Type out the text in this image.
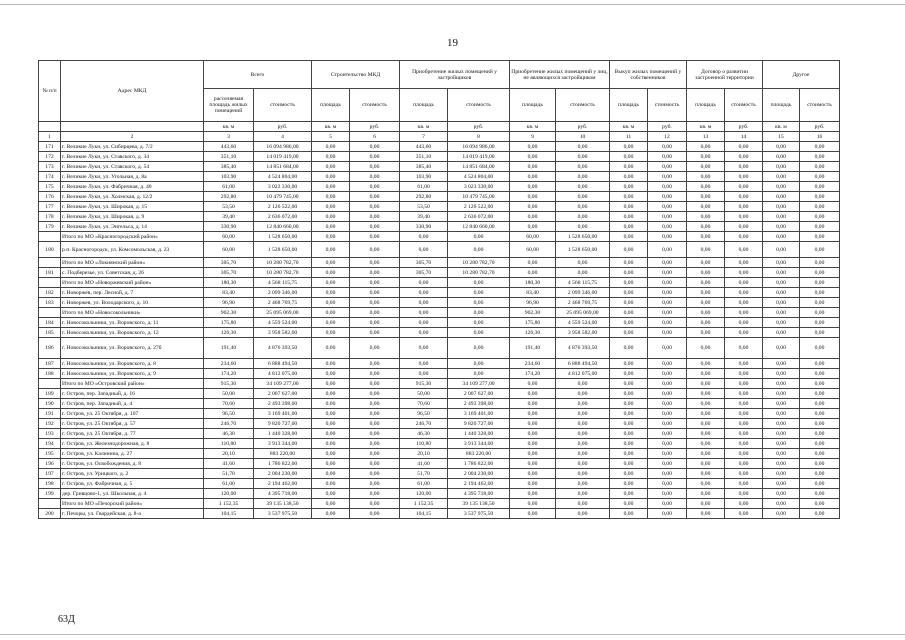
19
№ п/п	Адрес МКД	Всего		Строительство МКД		Приобретение жилых помещений у застройщиков		Приобретение жилых помещений у лиц, не являющихся застройщиком		Выкуп жилых помещений у собственников		Договор о развитии застроенной территории		Другое	
		расселяемая площадь жилых помещений	стоимость	площадь	стоимость	площадь	стоимость	площадь	стоимость	площадь	стоимость	площадь	стоимость	площадь	стоимость
		кв. м	руб.	кв. м	руб.	кв. м	руб.	кв. м	руб.	кв. м	руб.	кв. м	руб.	кв. м	руб.
1	2	3	4	5	6	7	8	9	10	11	12	13	14	15	16
171	г. Великие Луки, ул. Сибирцева, д. 7/2	443,60	16 094 986,00	0,00	0,00	443,60	16 094 986,00	0,00	0,00	0,00	0,00	0,00	0,00	0,00	0,00
172	г. Великие Луки, ул. Ставского, д. 34	351,10	14 019 419,00	0,00	0,00	351,10	14 019 419,00	0,00	0,00	0,00	0,00	0,00	0,00	0,00	0,00
173	г. Великие Луки, ул. Ставского, д. 54	385,40	14 851 684,00	0,00	0,00	385,40	14 851 684,00	0,00	0,00	0,00	0,00	0,00	0,00	0,00	0,00
174	г. Великие Луки, ул. Угольная, д. 8а	103,90	4 524 804,00	0,00	0,00	103,90	4 524 804,00	0,00	0,00	0,00	0,00	0,00	0,00	0,00	0,00
175	г. Великие Луки, ул. Фабричная, д. 40	61,00	3 023 330,00	0,00	0,00	61,00	3 023 330,00	0,00	0,00	0,00	0,00	0,00	0,00	0,00	0,00
176	г. Великие Луки, ул. Холмская, д. 12/2	292,80	10 479 745,00	0,00	0,00	292,80	10 479 745,00	0,00	0,00	0,00	0,00	0,00	0,00	0,00	0,00
177	г. Великие Луки, ул. Широкая, д. 15	53,50	2 126 522,00	0,00	0,00	53,50	2 126 522,00	0,00	0,00	0,00	0,00	0,00	0,00	0,00	0,00
178	г. Великие Луки, ул. Широкая, д. 9	39,40	2 636 072,00	0,00	0,00	39,40	2 636 072,00	0,00	0,00	0,00	0,00	0,00	0,00	0,00	0,00
179	г. Великие Луки, ул. Энгельса, д. 14	330,90	12 840 660,00	0,00	0,00	330,90	12 840 660,00	0,00	0,00	0,00	0,00	0,00	0,00	0,00	0,00
	Итого по МО «Красногородский район»	60,00	1 528 650,00	0,00	0,00	0,00	0,00	60,00	1 528 650,00	0,00	0,00	0,00	0,00	0,00	0,00
180	р.п. Красногородск, ул. Комсомольская, д. 23	60,00	1 528 650,00	0,00	0,00	0,00	0,00	60,00	1 528 650,00	0,00	0,00	0,00	0,00	0,00	0,00
	Итого по МО «Локнянский район»	305,70	10 280 782,70	0,00	0,00	305,70	10 280 782,70	0,00	0,00	0,00	0,00	0,00	0,00	0,00	0,00
181	с. Подберезье, ул. Советская, д. 26	305,70	10 280 782,70	0,00	0,00	305,70	10 280 782,70	0,00	0,00	0,00	0,00	0,00	0,00	0,00	0,00
	Итого по МО «Новоржевский район»	180,30	4 568 115,75	0,00	0,00	0,00	0,00	180,30	4 568 115,75	0,00	0,00	0,00	0,00	0,00	0,00
182	г. Новоржев, пер. Лесной, д. 7	83,40	2 099 346,00	0,00	0,00	0,00	0,00	83,40	2 099 346,00	0,00	0,00	0,00	0,00	0,00	0,00
183	г. Новоржев, ул. Володарского, д. 10	96,90	2 468 769,75	0,00	0,00	0,00	0,00	96,90	2 468 769,75	0,00	0,00	0,00	0,00	0,00	0,00
	Итого по МО «Новосокольники»	902,30	25 095 069,00	0,00	0,00	0,00	0,00	902,30	25 095 069,00	0,00	0,00	0,00	0,00	0,00	0,00
184	г. Новосокольники, ул. Воровского, д. 11	175,80	4 559 524,00	0,00	0,00	0,00	0,00	175,80	4 559 524,00	0,00	0,00	0,00	0,00	0,00	0,00
185	г. Новосокольники, ул. Воровского, д. 12	126,30	3 958 582,00	0,00	0,00	0,00	0,00	126,30	3 958 582,00	0,00	0,00	0,00	0,00	0,00	0,00
186	г. Новосокольники, ул. Воровского, д. 27б	191,40	4 876 393,50	0,00	0,00	0,00	0,00	191,40	4 876 393,50	0,00	0,00	0,00	0,00	0,00	0,00
187	г. Новосокольники, ул. Воровского, д. 8	234,60	6 888 494,50	0,00	0,00	0,00	0,00	234,60	6 888 494,50	0,00	0,00	0,00	0,00	0,00	0,00
188	г. Новосокольники, ул. Воровского, д. 9	174,20	4 812 075,00	0,00	0,00	0,00	0,00	174,20	4 812 075,00	0,00	0,00	0,00	0,00	0,00	0,00
	Итого по МО «Островский район»	915,30	34 109 277,00	0,00	0,00	915,30	34 109 277,00	0,00	0,00	0,00	0,00	0,00	0,00	0,00	0,00
189	г. Остров, пер. Западный, д. 16	50,00	2 007 627,00	0,00	0,00	50,00	2 007 627,00	0,00	0,00	0,00	0,00	0,00	0,00	0,00	0,00
190	г. Остров, пер. Западный, д. 4	70,60	2 493 398,00	0,00	0,00	70,60	2 493 398,00	0,00	0,00	0,00	0,00	0,00	0,00	0,00	0,00
191	г. Остров, ул. 25 Октября, д. 107	96,50	3 169 401,00	0,00	0,00	96,50	3 169 401,00	0,00	0,00	0,00	0,00	0,00	0,00	0,00	0,00
192	г. Остров, ул. 25 Октября, д. 57	246,70	9 820 727,00	0,00	0,00	246,70	9 820 727,00	0,00	0,00	0,00	0,00	0,00	0,00	0,00	0,00
193	г. Остров, ул. 25 Октября, д. 77	46,30	1 440 328,00	0,00	0,00	46,30	1 440 328,00	0,00	0,00	0,00	0,00	0,00	0,00	0,00	0,00
194	г. Остров, ул. Железнодорожная, д. 8	110,80	3 913 344,00	0,00	0,00	110,80	3 913 344,00	0,00	0,00	0,00	0,00	0,00	0,00	0,00	0,00
195	г. Остров, ул. Калинина, д. 27	20,10	883 220,00	0,00	0,00	20,10	883 220,00	0,00	0,00	0,00	0,00	0,00	0,00	0,00	0,00
196	г. Остров, ул. Освобождения, д. 8	41,60	1 786 822,00	0,00	0,00	41,60	1 786 822,00	0,00	0,00	0,00	0,00	0,00	0,00	0,00	0,00
197	г. Остров, ул. Урицкого, д. 2	51,70	2 004 230,00	0,00	0,00	51,70	2 004 230,00	0,00	0,00	0,00	0,00	0,00	0,00	0,00	0,00
198	г. Остров, ул. Фабричная, д. 5	61,00	2 194 462,00	0,00	0,00	61,00	2 194 462,00	0,00	0,00	0,00	0,00	0,00	0,00	0,00	0,00
199	дер. Гривцово-1, ул. Школьная, д. 4	120,00	4 395 718,00	0,00	0,00	120,00	4 395 718,00	0,00	0,00	0,00	0,00	0,00	0,00	0,00	0,00
	Итого по МО «Печорский район»	1 152,35	39 135 138,50	0,00	0,00	1 152,35	39 135 138,50	0,00	0,00	0,00	0,00	0,00	0,00	0,00	0,00
200	г. Печоры, ул. Гвардейская, д. 8-а	104,15	3 537 975,50	0,00	0,00	104,15	3 537 975,50	0,00	0,00	0,00	0,00	0,00	0,00	0,00	0,00
63Д
